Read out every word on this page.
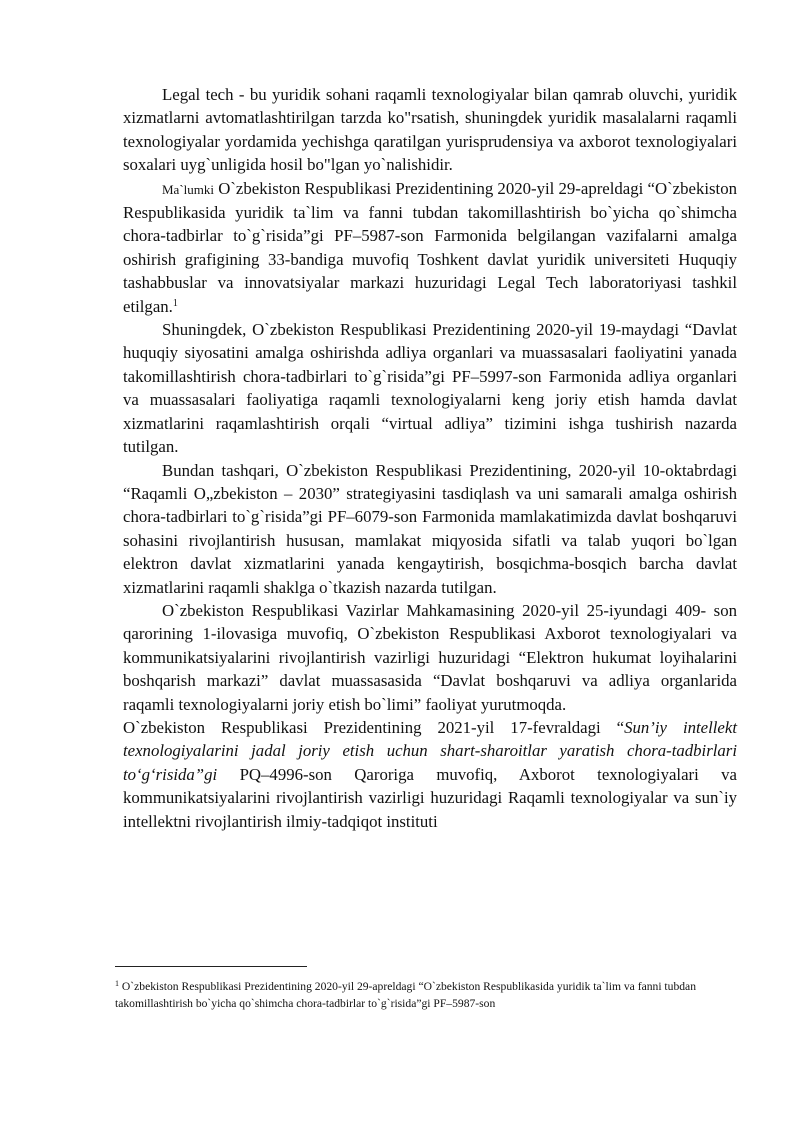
Legal tech - bu yuridik sohani raqamli texnologiyalar bilan qamrab oluvchi, yuridik xizmatlarni avtomatlashtirilgan tarzda ko"rsatish, shuningdek yuridik masalalarni raqamli texnologiyalar yordamida yechishga qaratilgan yurisprudensiya va axborot texnologiyalari soxalari uyg`unligida hosil bo"lgan yo`nalishidir.

Ma`lumki O`zbekiston Respublikasi Prezidentining 2020-yil 29-apreldagi “O`zbekiston Respublikasida yuridik ta`lim va fanni tubdan takomillashtirish bo`yicha qo`shimcha chora-tadbirlar to`g`risida”gi PF–5987-son Farmonida belgilangan vazifalarni amalga oshirish grafigining 33-bandiga muvofiq Toshkent davlat yuridik universiteti Huquqiy tashabbuslar va innovatsiyalar markazi huzuridagi Legal Tech laboratoriyasi tashkil etilgan.$^1$

Shuningdek, O`zbekiston Respublikasi Prezidentining 2020-yil 19-maydagi “Davlat huquqiy siyosatini amalga oshirishda adliya organlari va muassasalari faoliyatini yanada takomillashtirish chora-tadbirlari to`g`risida”gi PF–5997-son Farmonida adliya organlari va muassasalari faoliyatiga raqamli texnologiyalarni keng joriy etish hamda davlat xizmatlarini raqamlashtirish orqali “virtual adliya” tizimini ishga tushirish nazarda tutilgan.

Bundan tashqari, O`zbekiston Respublikasi Prezidentining, 2020-yil 10-oktabrdagi “Raqamli O„zbekiston – 2030” strategiyasini tasdiqlash va uni samarali amalga oshirish chora-tadbirlari to`g`risida”gi PF–6079-son Farmonida mamlakatimizda davlat boshqaruvi sohasini rivojlantirish hususan, mamlakat miqyosida sifatli va talab yuqori bo`lgan elektron davlat xizmatlarini yanada kengaytirish, bosqichma-bosqich barcha davlat xizmatlarini raqamli shaklga o`tkazish nazarda tutilgan.

O`zbekiston Respublikasi Vazirlar Mahkamasining 2020-yil 25-iyundagi 409- son qarorining 1-ilovasiga muvofiq, O`zbekiston Respublikasi Axborot texnologiyalari va kommunikatsiyalarini rivojlantirish vazirligi huzuridagi “Elektron hukumat loyihalarini boshqarish markazi” davlat muassasasida “Davlat boshqaruvi va adliya organlarida raqamli texnologiyalarni joriy etish bo`limi” faoliyat yurutmoqda.

O`zbekiston Respublikasi Prezidentining 2021-yil 17-fevraldagi “Sun’iy intellekt texnologiyalarini jadal joriy etish uchun shart-sharoitlar yaratish chora-tadbirlari to‘g‘risida”gi PQ–4996-son Qaroriga muvofiq, Axborot texnologiyalari va kommunikatsiyalarini rivojlantirish vazirligi huzuridagi Raqamli texnologiyalar va sun`iy intellektni rivojlantirish ilmiy-tadqiqot instituti

$^1$ O`zbekiston Respublikasi Prezidentining 2020-yil 29-apreldagi “O`zbekiston Respublikasida yuridik ta`lim va fanni tubdan takomillashtirish bo`yicha qo`shimcha chora-tadbirlar to`g`risida”gi PF–5987-son
